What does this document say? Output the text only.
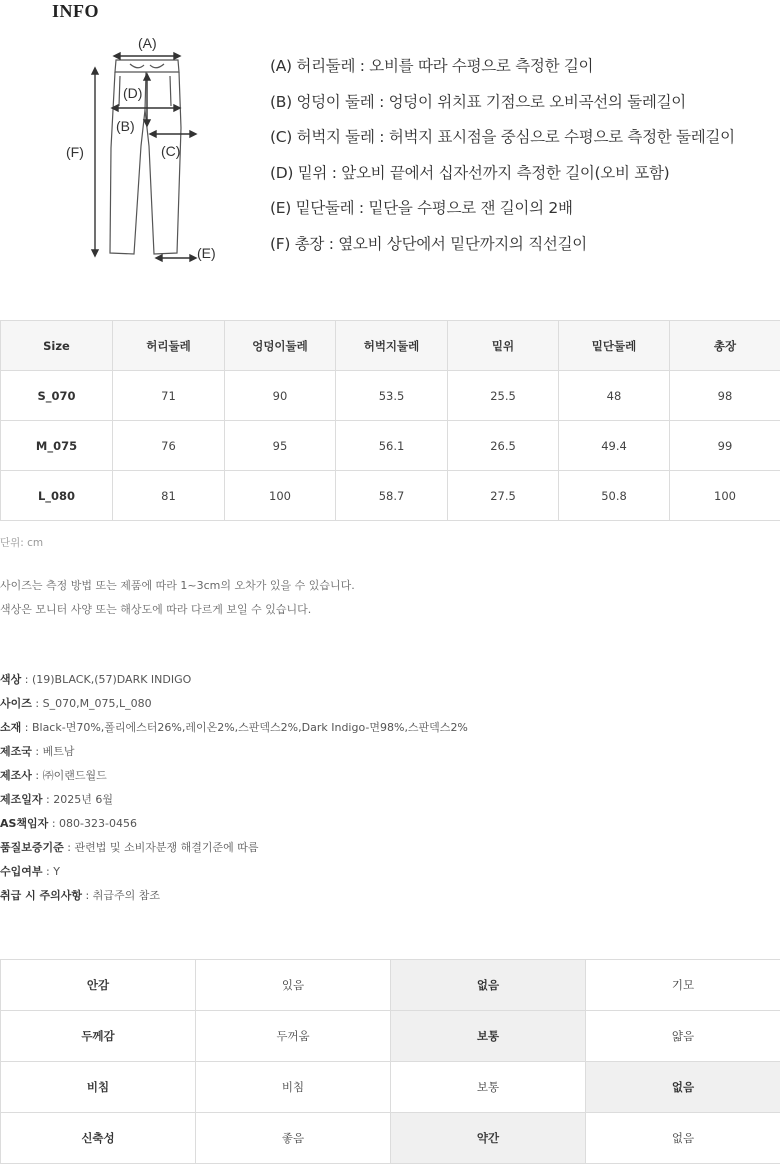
INFO
(A)
(D)
(B)
(C)
(F)
(E)
(A) 허리둘레 : 오비를 따라 수평으로 측정한 길이
(B) 엉덩이 둘레 : 엉덩이 위치표 기점으로 오비곡선의 둘레길이
(C) 허벅지 둘레 : 허벅지 표시점을 중심으로 수평으로 측정한 둘레길이
(D) 밑위 : 앞오비 끝에서 십자선까지 측정한 길이(오비 포함)
(E) 밑단둘레 : 밑단을 수평으로 잰 길이의 2배
(F) 총장 : 옆오비 상단에서 밑단까지의 직선길이
Size	허리둘레	엉덩이둘레	허벅지둘레	밑위	밑단둘레	총장
S_070	71	90	53.5	25.5	48	98
M_075	76	95	56.1	26.5	49.4	99
L_080	81	100	58.7	27.5	50.8	100
단위: cm
사이즈는 측정 방법 또는 제품에 따라 1~3cm의 오차가 있을 수 있습니다.
색상은 모니터 사양 또는 해상도에 따라 다르게 보일 수 있습니다.
색상 : (19)BLACK,(57)DARK INDIGO
사이즈 : S_070,M_075,L_080
소재 : Black-면70%,폴리에스터26%,레이온2%,스판덱스2%,Dark Indigo-면98%,스판덱스2%
제조국 : 베트남
제조사 : ㈜이랜드월드
제조일자 : 2025년 6월
AS책임자 : 080-323-0456
품질보증기준 : 관련법 및 소비자분쟁 해결기준에 따름
수입여부 : Y
취급 시 주의사항 : 취급주의 참조
안감	있음	없음	기모
두께감	두꺼움	보통	얇음
비침	비침	보통	없음
신축성	좋음	약간	없음
